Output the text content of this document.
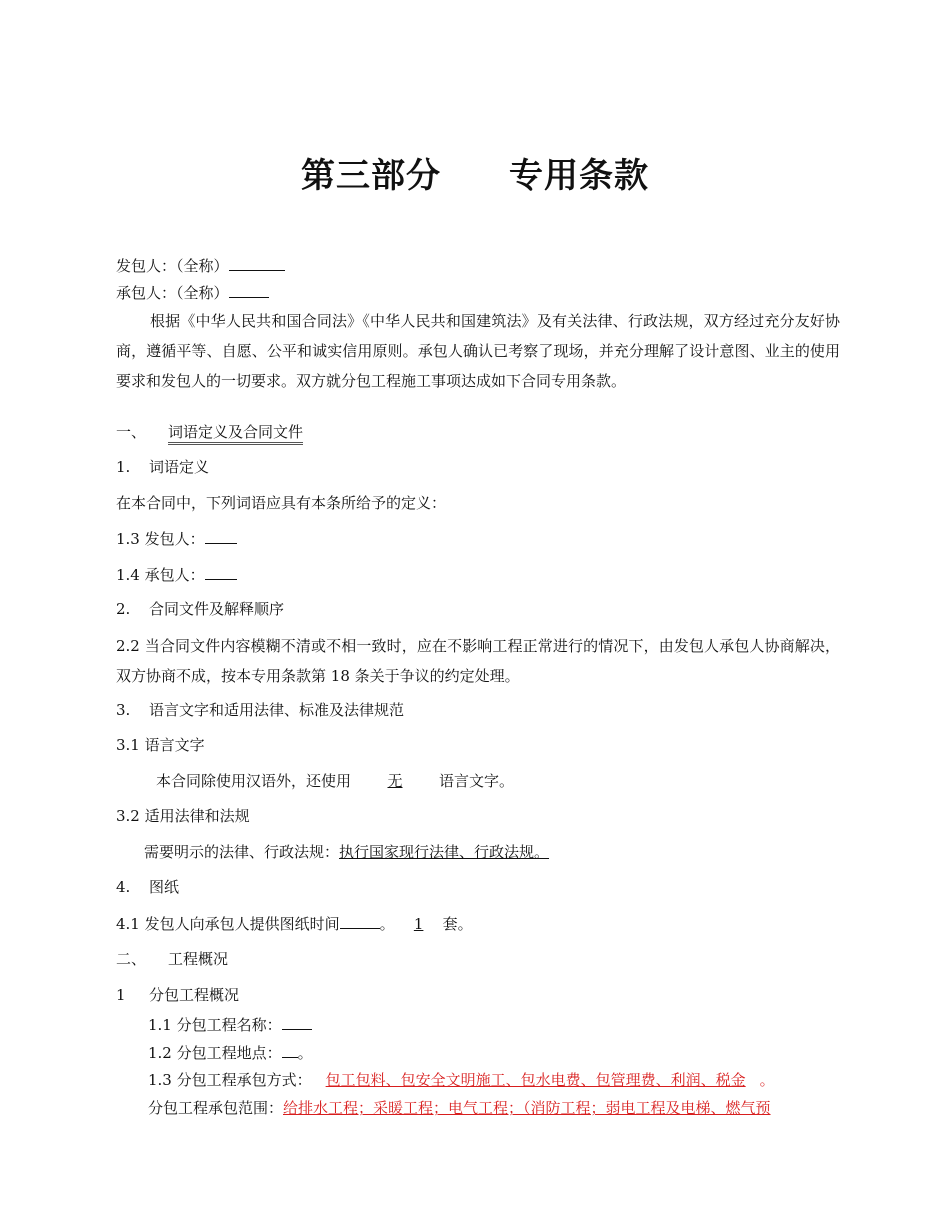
第三部分 专用条款
发包人：（全称）
承包人：（全称）
根据《中华人民共和国合同法》《中华人民共和国建筑法》及有关法律、行政法规，双方经过充分友好协商，遵循平等、自愿、公平和诚实信用原则。承包人确认已考察了现场，并充分理解了设计意图、业主的使用要求和发包人的一切要求。双方就分包工程施工事项达成如下合同专用条款。
一、 词语定义及合同文件
1. 词语定义
在本合同中，下列词语应具有本条所给予的定义：
1.3 发包人：
1.4 承包人：
2. 合同文件及解释顺序
2.2 当合同文件内容模糊不清或不相一致时，应在不影响工程正常进行的情况下，由发包人承包人协商解决，双方协商不成，按本专用条款第 18 条关于争议的约定处理。
3. 语言文字和适用法律、标准及法律规范
3.1 语言文字
本合同除使用汉语外，还使用 无 语言文字。
3.2 适用法律和法规
需要明示的法律、行政法规：执行国家现行法律、行政法规。
4. 图纸
4.1 发包人向承包人提供图纸时间	。 1 套。
二、 工程概况
1 分包工程概况
1.1 分包工程名称：
1.2 分包工程地点： 。
1.3 分包工程承包方式： 包工包料、包安全文明施工、包水电费、包管理费、利润、税金 。
分包工程承包范围：给排水工程；采暖工程；电气工程；（消防工程；弱电工程及电梯、燃气预
